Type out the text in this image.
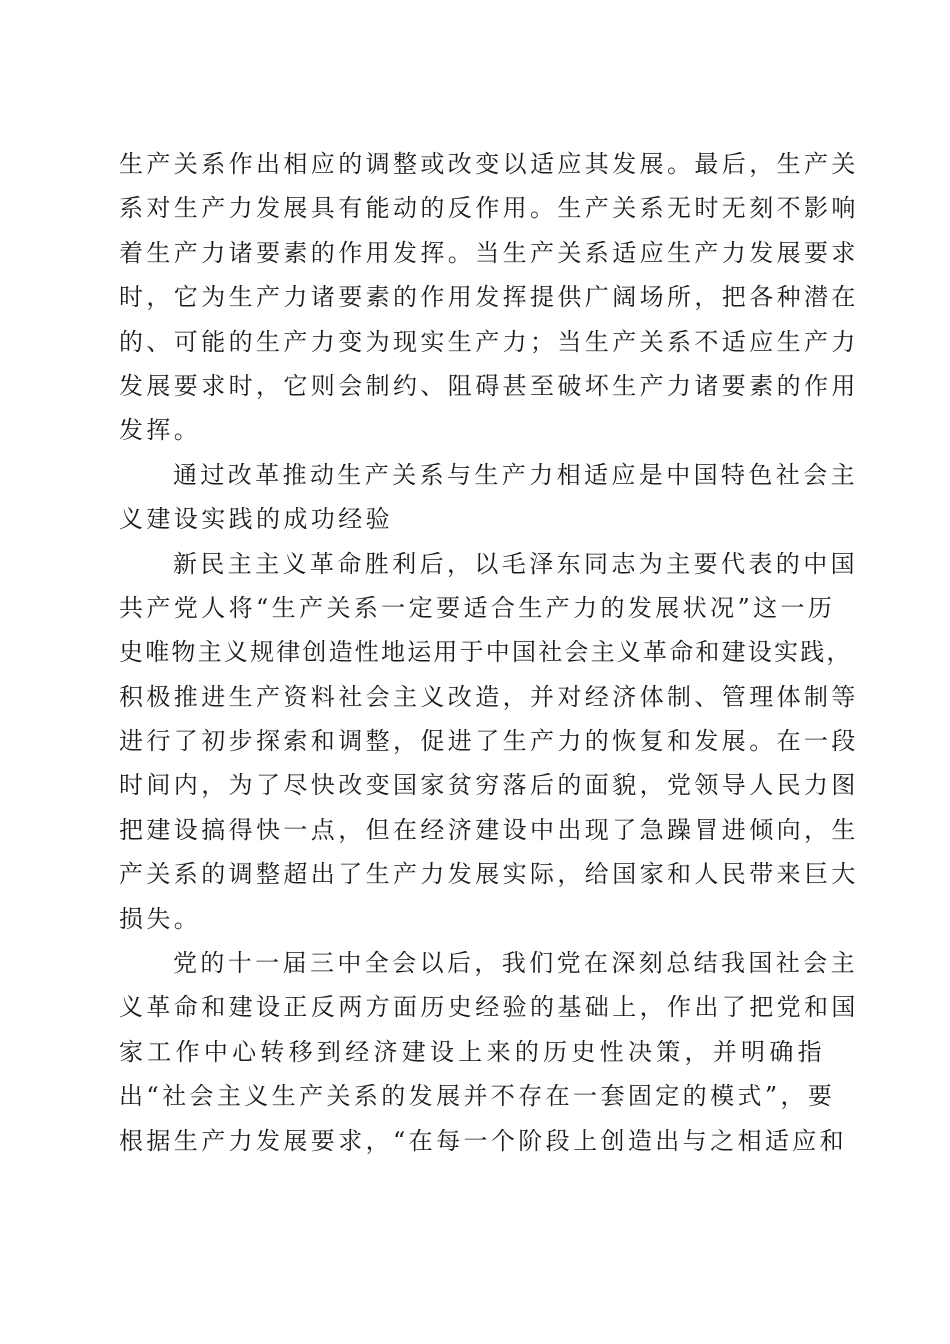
生产关系作出相应的调整或改变以适应其发展。最后，生产关
系对生产力发展具有能动的反作用。生产关系无时无刻不影响
着生产力诸要素的作用发挥。当生产关系适应生产力发展要求
时，它为生产力诸要素的作用发挥提供广阔场所，把各种潜在
的、可能的生产力变为现实生产力；当生产关系不适应生产力
发展要求时，它则会制约、阻碍甚至破坏生产力诸要素的作用
发挥。
通过改革推动生产关系与生产力相适应是中国特色社会主
义建设实践的成功经验
新民主主义革命胜利后，以毛泽东同志为主要代表的中国
共产党人将“生产关系一定要适合生产力的发展状况”这一历
史唯物主义规律创造性地运用于中国社会主义革命和建设实践，
积极推进生产资料社会主义改造，并对经济体制、管理体制等
进行了初步探索和调整，促进了生产力的恢复和发展。在一段
时间内，为了尽快改变国家贫穷落后的面貌，党领导人民力图
把建设搞得快一点，但在经济建设中出现了急躁冒进倾向，生
产关系的调整超出了生产力发展实际，给国家和人民带来巨大
损失。
党的十一届三中全会以后，我们党在深刻总结我国社会主
义革命和建设正反两方面历史经验的基础上，作出了把党和国
家工作中心转移到经济建设上来的历史性决策，并明确指
出“社会主义生产关系的发展并不存在一套固定的模式”，要
根据生产力发展要求，“在每一个阶段上创造出与之相适应和
